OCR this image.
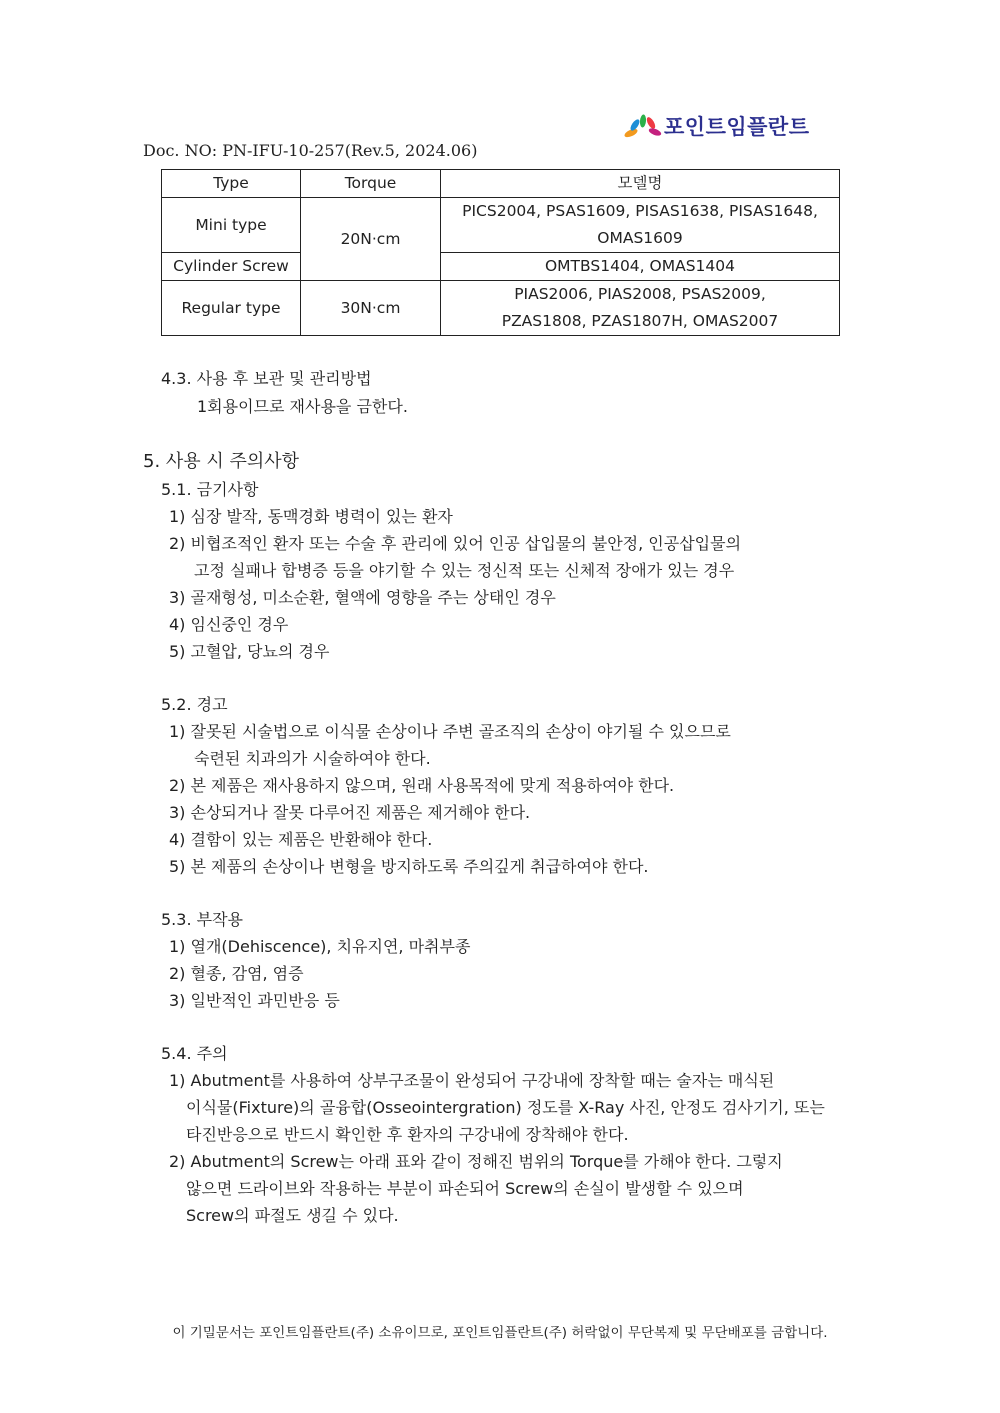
포인트임플란트
Doc. NO: PN-IFU-10-257(Rev.5, 2024.06)
Type	Torque	모델명
Mini type	20N·cm	PICS2004, PSAS1609, PISAS1638, PISAS1648,
OMAS1609

Cylinder Screw		OMTBS1404, OMAS1404

Regular type	30N·cm	PIAS2006, PIAS2008, PSAS2009,
PZAS1808, PZAS1807H, OMAS2007
4.3. 사용 후 보관 및 관리방법
1회용이므로 재사용을 금한다.
5. 사용 시 주의사항
5.1. 금기사항
1) 심장 발작, 동맥경화 병력이 있는 환자
2) 비협조적인 환자 또는 수술 후 관리에 있어 인공 삽입물의 불안정, 인공삽입물의
고정 실패나 합병증 등을 야기할 수 있는 정신적 또는 신체적 장애가 있는 경우
3) 골재형성, 미소순환, 혈액에 영향을 주는 상태인 경우
4) 임신중인 경우
5) 고혈압, 당뇨의 경우
5.2. 경고
1) 잘못된 시술법으로 이식물 손상이나 주변 골조직의 손상이 야기될 수 있으므로
숙련된 치과의가 시술하여야 한다.
2) 본 제품은 재사용하지 않으며, 원래 사용목적에 맞게 적용하여야 한다.
3) 손상되거나 잘못 다루어진 제품은 제거해야 한다.
4) 결함이 있는 제품은 반환해야 한다.
5) 본 제품의 손상이나 변형을 방지하도록 주의깊게 취급하여야 한다.
5.3. 부작용
1) 열개(Dehiscence), 치유지연, 마취부종
2) 혈종, 감염, 염증
3) 일반적인 과민반응 등
5.4. 주의
1) Abutment를 사용하여 상부구조물이 완성되어 구강내에 장착할 때는 술자는 매식된
이식물(Fixture)의 골융합(Osseointergration) 정도를 X-Ray 사진, 안정도 검사기기, 또는
타진반응으로 반드시 확인한 후 환자의 구강내에 장착해야 한다.
2) Abutment의 Screw는 아래 표와 같이 정해진 범위의 Torque를 가해야 한다. 그렇지
않으면 드라이브와 작용하는 부분이 파손되어 Screw의 손실이 발생할 수 있으며
Screw의 파절도 생길 수 있다.
이 기밀문서는 포인트임플란트(주) 소유이므로, 포인트임플란트(주) 허락없이 무단복제 및 무단배포를 금합니다.
